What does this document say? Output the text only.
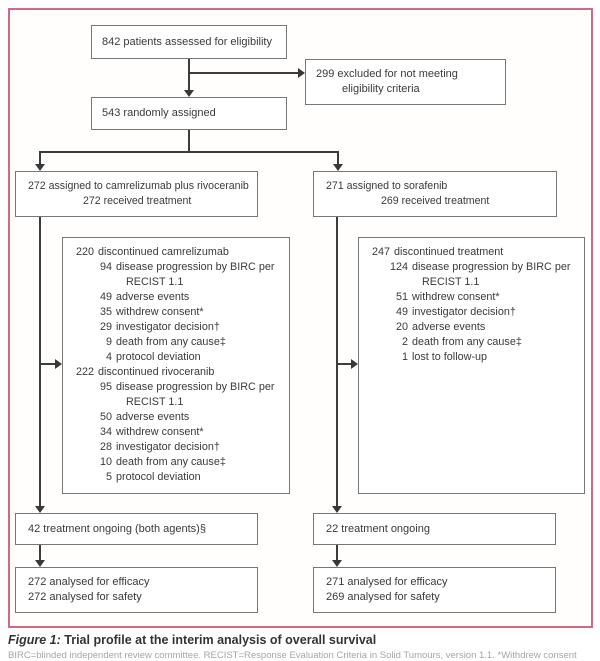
842 patients assessed for eligibility
299 excluded for not meeting
eligibility criteria
543 randomly assigned
272 assigned to camrelizumab plus rivoceranib
272 received treatment
271 assigned to sorafenib
269 received treatment
220 discontinued camrelizumab
94 disease progression by BIRC per
RECIST 1.1
49 adverse events
35 withdrew consent*
29 investigator decision†
9 death from any cause‡
4 protocol deviation
222 discontinued rivoceranib
95 disease progression by BIRC per
RECIST 1.1
50 adverse events
34 withdrew consent*
28 investigator decision†
10 death from any cause‡
5 protocol deviation
247 discontinued treatment
124 disease progression by BIRC per
RECIST 1.1
51 withdrew consent*
49 investigator decision†
20 adverse events
2 death from any cause‡
1 lost to follow-up
42 treatment ongoing (both agents)§	22 treatment ongoing
272 analysed for efficacy
272 analysed for safety
271 analysed for efficacy
269 analysed for safety
Figure 1: Trial profile at the interim analysis of overall survival
BIRC=blinded independent review committee. RECIST=Response Evaluation Criteria in Solid Tumours, version 1.1. *Withdrew consent
